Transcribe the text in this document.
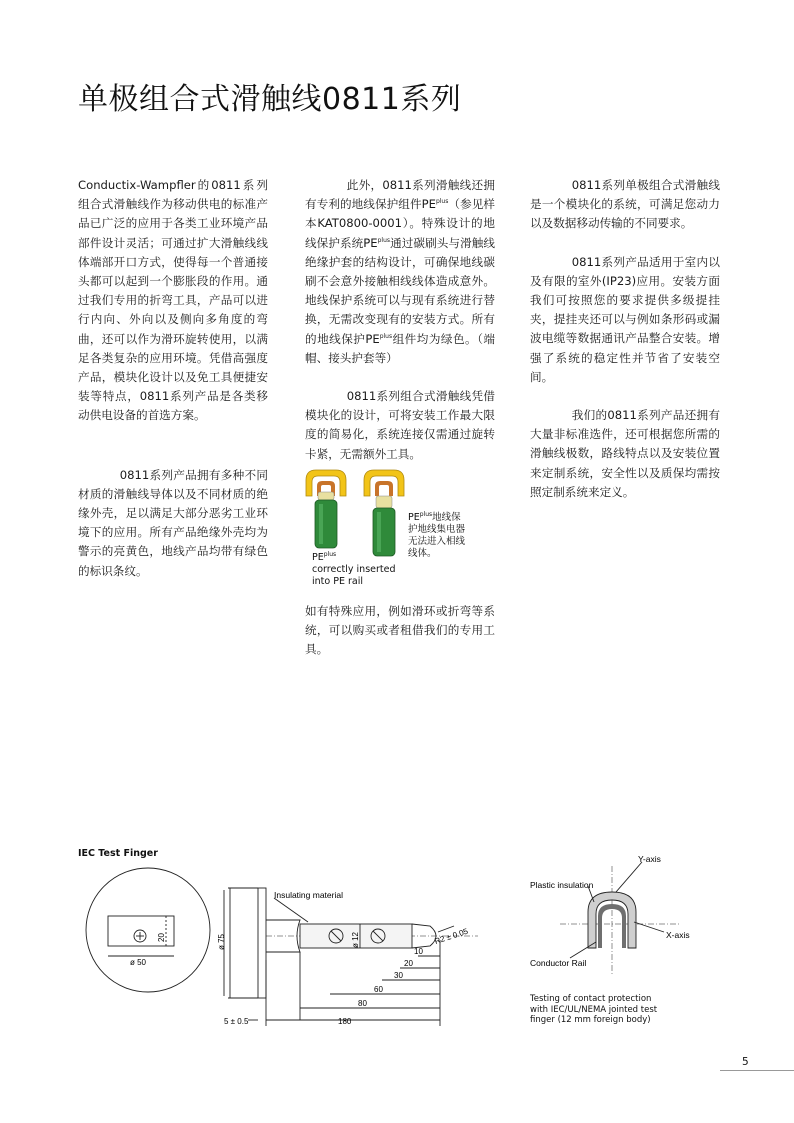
单极组合式滑触线0811系列

Conductix-Wampfler的0811系列组合式滑触线作为移动供电的标准产品已广泛的应用于各类工业环境产品部件设计灵活；可通过扩大滑触线线体端部开口方式，使得每一个普通接头都可以起到一个膨胀段的作用。通过我们专用的折弯工具，产品可以进行内向、外向以及侧向多角度的弯曲，还可以作为滑环旋转使用，以满足各类复杂的应用环境。凭借高强度产品，模块化设计以及免工具便捷安装等特点，0811系列产品是各类移动供电设备的首选方案。

0811系列产品拥有多种不同材质的滑触线导体以及不同材质的绝缘外壳，足以满足大部分恶劣工业环境下的应用。所有产品绝缘外壳均为警示的亮黄色，地线产品均带有绿色的标识条纹。

此外，0811系列滑触线还拥有专利的地线保护组件$PE^{plus}$（参见样本KAT0800-0001）。特殊设计的地线保护系统$PE^{plus}$通过碳刷头与滑触线绝缘护套的结构设计，可确保地线碳刷不会意外接触相线线体造成意外。地线保护系统可以与现有系统进行替换，无需改变现有的安装方式。所有的地线保护$PE^{plus}$组件均为绿色。（端帽、接头护套等）

0811系列组合式滑触线凭借模块化的设计，可将安装工作最大限度的简易化，系统连接仅需通过旋转卡紧，无需额外工具。

$PE^{plus}$
correctly inserted
into PE rail
$PE^{plus}$地线保护地线集电器无法进入相线线体。

如有特殊应用，例如滑环或折弯等系统，可以购买或者租借我们的专用工具。

0811系列单极组合式滑触线是一个模块化的系统，可满足您动力以及数据移动传输的不同要求。

0811系列产品适用于室内以及有限的室外(IP23)应用。安装方面我们可按照您的要求提供多级提挂夹，提挂夹还可以与例如条形码或漏波电缆等数据通讯产品整合安装。增强了系统的稳定性并节省了安装空间。

我们的0811系列产品还拥有大量非标准选件，还可根据您所需的滑触线极数，路线特点以及安装位置来定制系统，安全性以及质保均需按照定制系统来定义。

IEC Test Finger
ø 50
20	ø 75
Insulating material
ø 12	R2 ± 0.05
10
20
30
60
80
5 ± 0.5	180
Y-axis
Plastic insulation
X-axis
Conductor Rail
Testing of contact protection with IEC/UL/NEMA jointed test finger (12 mm foreign body)
5
